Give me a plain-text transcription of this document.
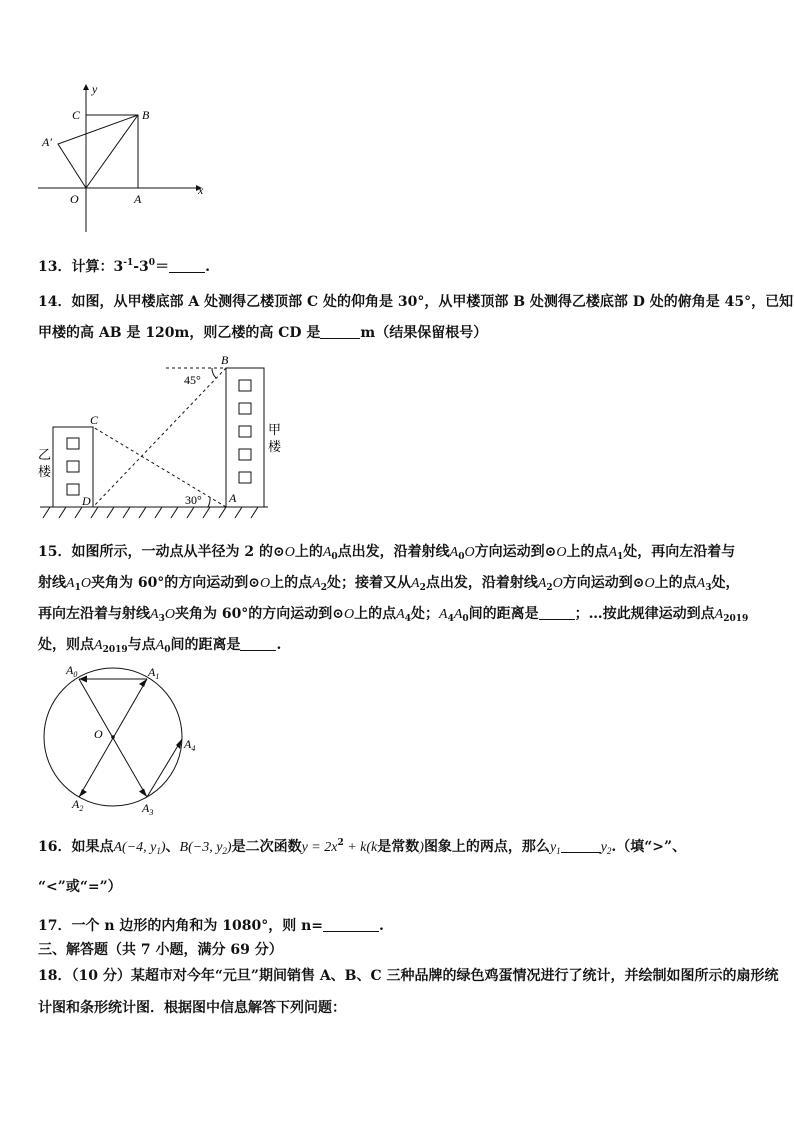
y
x
C	B
A′
O	A
13．计算：$3^{-1}-3^0=$	.
14．如图，从甲楼底部 A 处测得乙楼顶部 C 处的仰角是 30°，从甲楼顶部 B 处测得乙楼底部 D 处的俯角是 45°，已知
甲楼的高 AB 是 120m，则乙楼的高 CD 是	m（结果保留根号）
B
C
D	A
45°
30°
乙
楼
甲
楼
15．如图所示，一动点从半径为 2 的⊙O上的$A_0$点出发，沿着射线$A_0O$方向运动到⊙O上的点$A_1$处，再向左沿着与
射线$A_1O$夹角为 60°的方向运动到⊙O上的点$A_2$处；接着又从$A_2$点出发，沿着射线$A_2O$方向运动到⊙O上的点$A_3$处，
再向左沿着与射线$A_3O$夹角为 60°的方向运动到⊙O上的点$A_4$处；$A_4A_0$间的距离是	；…按此规律运动到点$A_{2019}$
处，则点$A_{2019}$与点$A_0$间的距离是	.
O
$A_0$	$A_1$
$A_4$
$A_2$	$A_3$
16．如果点A(−4, $y_1$)、B(−3, $y_2$)是二次函数$y = 2x^2 + k(k$是常数)图象上的两点，那么$y_1$	$y_2$.（填“>”、
“<”或“=”）
17．一个 n 边形的内角和为 1080°，则 n=	.
三、解答题（共 7 小题，满分 69 分）
18．（10 分）某超市对今年“元旦”期间销售 A、B、C 三种品牌的绿色鸡蛋情况进行了统计，并绘制如图所示的扇形统
计图和条形统计图．根据图中信息解答下列问题：
